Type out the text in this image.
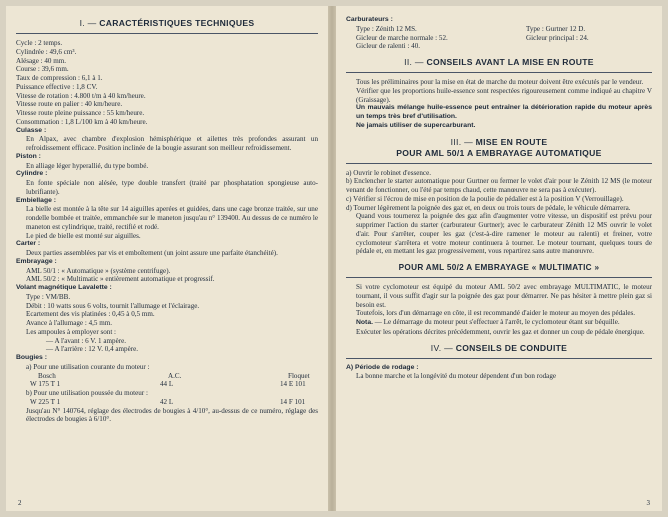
I. — CARACTÉRISTIQUES TECHNIQUES

Cycle : 2 temps.

Cylindrée : 49,6 cm³.

Alésage : 40 mm.

Course : 39,6 mm.

Taux de compression : 6,1 à 1.

Puissance effective : 1,8 CV.

Vitesse de rotation : 4.800 t/m à 40 km/heure.

Vitesse route en palier : 40 km/heure.

Vitesse route pleine puissance : 55 km/heure.

Consommation : 1,8 L/100 km à 40 km/heure.

Culasse :

En Alpax, avec chambre d'explosion hémisphérique et ailettes très profondes assurant un refroidissement efficace. Position inclinée de la bougie assurant son meilleur refroidissement.

Piston :

En alliage léger hyperallié, du type bombé.

Cylindre :

En fonte spéciale non alésée, type double transfert (traité par phosphatation spongieuse auto-lubrifiante).

Embiellage :

La bielle est montée à la tête sur 14 aiguilles aperées et guidées, dans une cage bronze traitée, sur une rondelle bombée et traitée, emmanchée sur le maneton jusqu'au n° 139400. Au dessus de ce numéro le maneton est cylindrique, traité, rectifié et rodé.

Le pied de bielle est monté sur aiguilles.

Carter :

Deux parties assemblées par vis et emboîtement (un joint assure une parfaite étanchéité).

Embrayage :

AML 50/1 : « Automatique » (système centrifuge).

AML 50/2 : « Multimatic » entièrement automatique et progressif.

Volant magnétique Lavalette :

Type : VM/BB.

Débit : 10 watts sous 6 volts, tournit l'allumage et l'éclairage.

Ecartement des vis platinées : 0,45 à 0,5 mm.

Avance à l'allumage : 4,5 mm.

Les ampoules à employer sont :

— A l'avant : 6 V. 1 ampère.

— A l'arrière : 12 V. 0,4 ampère.

Bougies :

a) Pour une utilisation courante du moteur :

Bosch	A.C.	Floquet
W 175 T 1	44 L	14 E 101

b) Pour une utilisation poussée du moteur :

W 225 T 1	42 L	14 F 101

Jusqu'au N° 140764, réglage des électrodes de bougies à 4/10°, au-dessus de ce numéro, réglage des électrodes de bougies à 6/10°.

2

Carburateurs :

Type : Zénith 12 MS.	Type : Gurtner 12 D.
Gicleur de marche normale : 52.	Gicleur principal : 24.
Gicleur de ralenti : 40.
II. — CONSEILS AVANT LA MISE EN ROUTE

Tous les préliminaires pour la mise en état de marche du moteur doivent être exécutés par le vendeur.

Vérifier que les proportions huile-essence sont respectées rigoureusement comme indiqué au chapitre V (Graissage).

Un mauvais mélange huile-essence peut entraîner la détérioration rapide du moteur après un temps très bref d'utilisation.

Ne jamais utiliser de supercarburant.

III. — MISE EN ROUTE
POUR AML 50/1 A EMBRAYAGE AUTOMATIQUE

a) Ouvrir le robinet d'essence.

b) Enclencher le starter automatique pour Gurtner ou fermer le volet d'air pour le Zénith 12 MS (le moteur venant de fonctionner, ou l'été par temps chaud, cette manœuvre ne sera pas à exécuter).

c) Vérifier si l'écrou de mise en position de la poulie de pédalier est à la position V (Verrouillage).

d) Tourner légèrement la poignée des gaz et, en deux ou trois tours de pédale, le véhicule démarrera.

Quand vous tournerez la poignée des gaz afin d'augmenter votre vitesse, un dispositif est prévu pour supprimer l'action du starter (carburateur Gurtner); avec le carburateur Zénith 12 MS ouvrir le volet d'air. Pour s'arrêter, couper les gaz (c'est-à-dire ramener le moteur au ralenti) et freiner, votre cyclomoteur s'arrêtera et votre moteur continuera à tourner. Le moteur tournant, quelques tours de pédale et, en mettant les gaz progressivement, vous repartirez sans autre manœuvre.

POUR AML 50/2 A EMBRAYAGE « MULTIMATIC »

Si votre cyclomoteur est équipé du moteur AML 50/2 avec embrayage MULTIMATIC, le moteur tournant, il vous suffit d'agir sur la poignée des gaz pour démarrer. Ne pas hésiter à mettre plein gaz si besoin est.

Toutefois, lors d'un démarrage en côte, il est recommandé d'aider le moteur au moyen des pédales.

Nota. — Le démarrage du moteur peut s'effectuer à l'arrêt, le cyclomoteur étant sur béquille.

Exécuter les opérations décrites précédemment, ouvrir les gaz et donner un coup de pédale énergique.

IV. — CONSEILS DE CONDUITE

A) Période de rodage :

La bonne marche et la longévité du moteur dépendent d'un bon rodage

3
